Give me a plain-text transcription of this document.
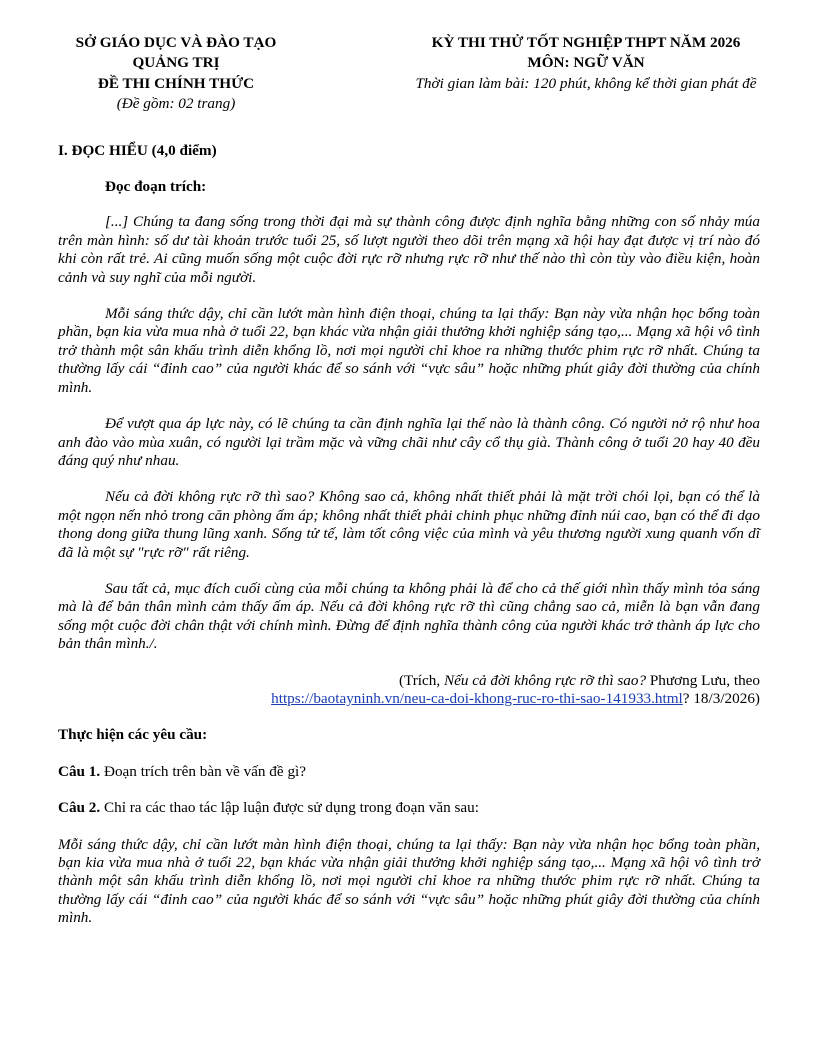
SỞ GIÁO DỤC VÀ ĐÀO TẠO
QUẢNG TRỊ
ĐỀ THI CHÍNH THỨC
(Đề gồm: 02 trang)
KỲ THI THỬ TỐT NGHIỆP THPT NĂM 2026
MÔN: NGỮ VĂN
Thời gian làm bài: 120 phút, không kể thời gian phát đề
I. ĐỌC HIỂU (4,0 điểm)
Đọc đoạn trích:

[...] Chúng ta đang sống trong thời đại mà sự thành công được định nghĩa bằng những con số nhảy múa trên màn hình: số dư tài khoản trước tuổi 25, số lượt người theo dõi trên mạng xã hội hay đạt được vị trí nào đó khi còn rất trẻ. Ai cũng muốn sống một cuộc đời rực rỡ nhưng rực rỡ như thế nào thì còn tùy vào điều kiện, hoàn cảnh và suy nghĩ của mỗi người.

Mỗi sáng thức dậy, chỉ cần lướt màn hình điện thoại, chúng ta lại thấy: Bạn này vừa nhận học bổng toàn phần, bạn kia vừa mua nhà ở tuổi 22, bạn khác vừa nhận giải thưởng khởi nghiệp sáng tạo,... Mạng xã hội vô tình trở thành một sân khấu trình diễn khổng lồ, nơi mọi người chỉ khoe ra những thước phim rực rỡ nhất. Chúng ta thường lấy cái “đỉnh cao” của người khác để so sánh với “vực sâu” hoặc những phút giây đời thường của chính mình.

Để vượt qua áp lực này, có lẽ chúng ta cần định nghĩa lại thế nào là thành công. Có người nở rộ như hoa anh đào vào mùa xuân, có người lại trầm mặc và vững chãi như cây cổ thụ già. Thành công ở tuổi 20 hay 40 đều đáng quý như nhau.

Nếu cả đời không rực rỡ thì sao? Không sao cả, không nhất thiết phải là mặt trời chói lọi, bạn có thể là một ngọn nến nhỏ trong căn phòng ấm áp; không nhất thiết phải chinh phục những đỉnh núi cao, bạn có thể đi dạo thong dong giữa thung lũng xanh. Sống tử tế, làm tốt công việc của mình và yêu thương người xung quanh vốn dĩ đã là một sự "rực rỡ" rất riêng.

Sau tất cả, mục đích cuối cùng của mỗi chúng ta không phải là để cho cả thế giới nhìn thấy mình tỏa sáng mà là để bản thân mình cảm thấy ấm áp. Nếu cả đời không rực rỡ thì cũng chẳng sao cả, miễn là bạn vẫn đang sống một cuộc đời chân thật với chính mình. Đừng để định nghĩa thành công của người khác trở thành áp lực cho bản thân mình./.

(Trích, Nếu cả đời không rực rỡ thì sao? Phương Lưu, theo
https://baotayninh.vn/neu-ca-doi-khong-ruc-ro-thi-sao-141933.html? 18/3/2026)
Thực hiện các yêu cầu:
Câu 1. Đoạn trích trên bàn về vấn đề gì?
Câu 2. Chỉ ra các thao tác lập luận được sử dụng trong đoạn văn sau:
Mỗi sáng thức dậy, chỉ cần lướt màn hình điện thoại, chúng ta lại thấy: Bạn này vừa nhận học bổng toàn phần, bạn kia vừa mua nhà ở tuổi 22, bạn khác vừa nhận giải thưởng khởi nghiệp sáng tạo,... Mạng xã hội vô tình trở thành một sân khấu trình diễn khổng lồ, nơi mọi người chỉ khoe ra những thước phim rực rỡ nhất. Chúng ta thường lấy cái “đỉnh cao” của người khác để so sánh với “vực sâu” hoặc những phút giây đời thường của chính mình.
